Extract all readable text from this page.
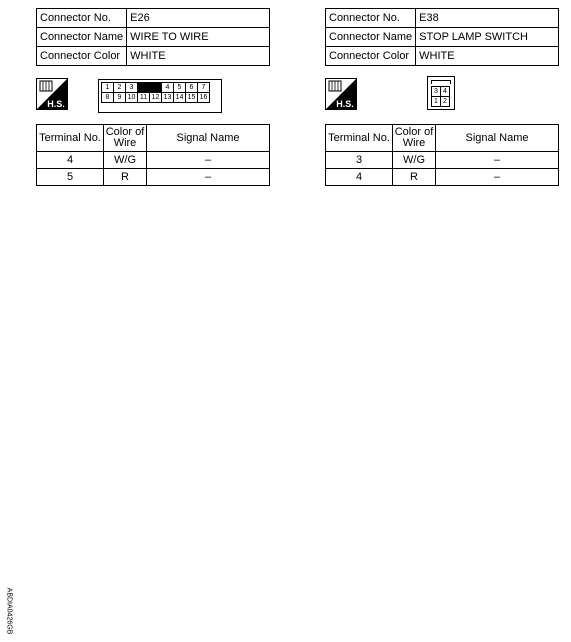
Connector No.	E26
Connector Name	WIRE TO WIRE
Connector Color	WHITE
H.S.
1	2	3			4	5	6	7
8	9	10	11	12	13	14	15	16
Terminal No.	Color of Wire	Signal Name
4	W/G	–
5	R	–
Connector No.	E38
Connector Name	STOP LAMP SWITCH
Connector Color	WHITE
H.S.
3	4
1	2
Terminal No.	Color of Wire	Signal Name
3	W/G	–
4	R	–
ABDIA0426GB
